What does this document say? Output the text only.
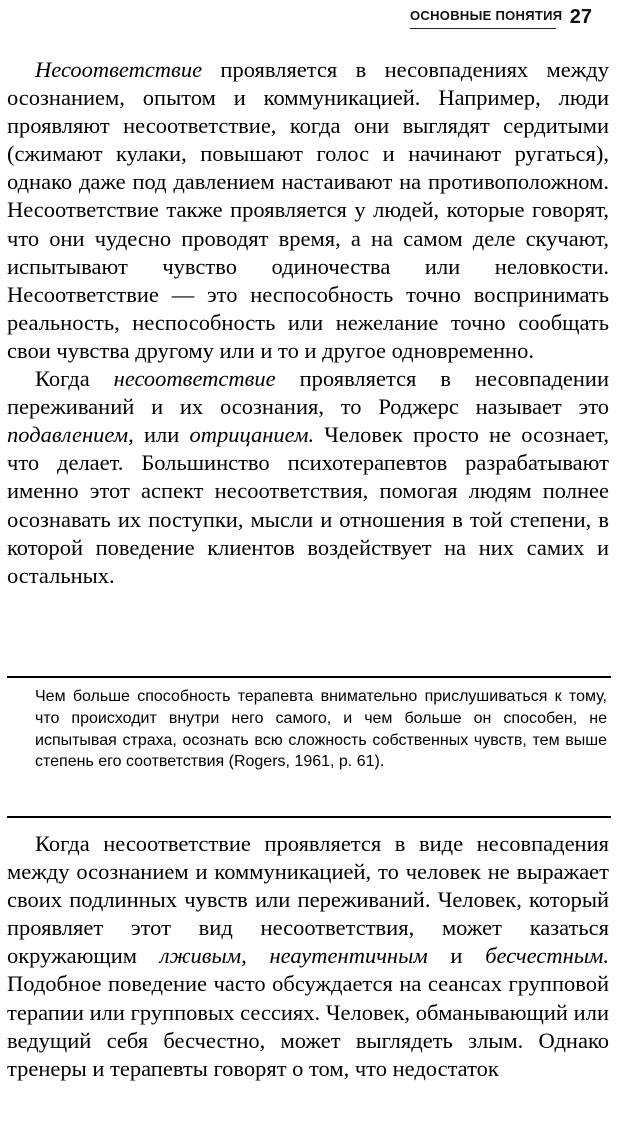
ОСНОВНЫЕ ПОНЯТИЯ 27

Несоответствие проявляется в несовпадениях между осознанием, опытом и коммуникацией. Например, люди проявляют несоответствие, когда они выглядят сердитыми (сжимают кулаки, повышают голос и начинают ругаться), однако даже под давлением настаивают на противоположном. Несоответствие также проявляется у людей, которые говорят, что они чудесно проводят время, а на самом деле скучают, испытывают чувство одиночества или неловкости. Несоответствие — это неспособность точно воспринимать реальность, неспособность или нежелание точно сообщать свои чувства другому или и то и другое одновременно.

Когда несоответствие проявляется в несовпадении переживаний и их осознания, то Роджерс называет это подавлением, или отрицанием. Человек просто не осознает, что делает. Большинство психотерапевтов разрабатывают именно этот аспект несоответствия, помогая людям полнее осознавать их поступки, мысли и отношения в той степени, в которой поведение клиентов воздействует на них самих и остальных.

Чем больше способность терапевта внимательно прислушиваться к тому, что происходит внутри него самого, и чем больше он способен, не испытывая страха, осознать всю сложность собственных чувств, тем выше степень его соответствия (Rogers, 1961, p. 61).

Когда несоответствие проявляется в виде несовпадения между осознанием и коммуникацией, то человек не выражает своих подлинных чувств или переживаний. Человек, который проявляет этот вид несоответствия, может казаться окружающим лживым, неаутентичным и бесчестным. Подобное поведение часто обсуждается на сеансах групповой терапии или групповых сессиях. Человек, обманывающий или ведущий себя бесчестно, может выглядеть злым. Однако тренеры и терапевты говорят о том, что недостаток
